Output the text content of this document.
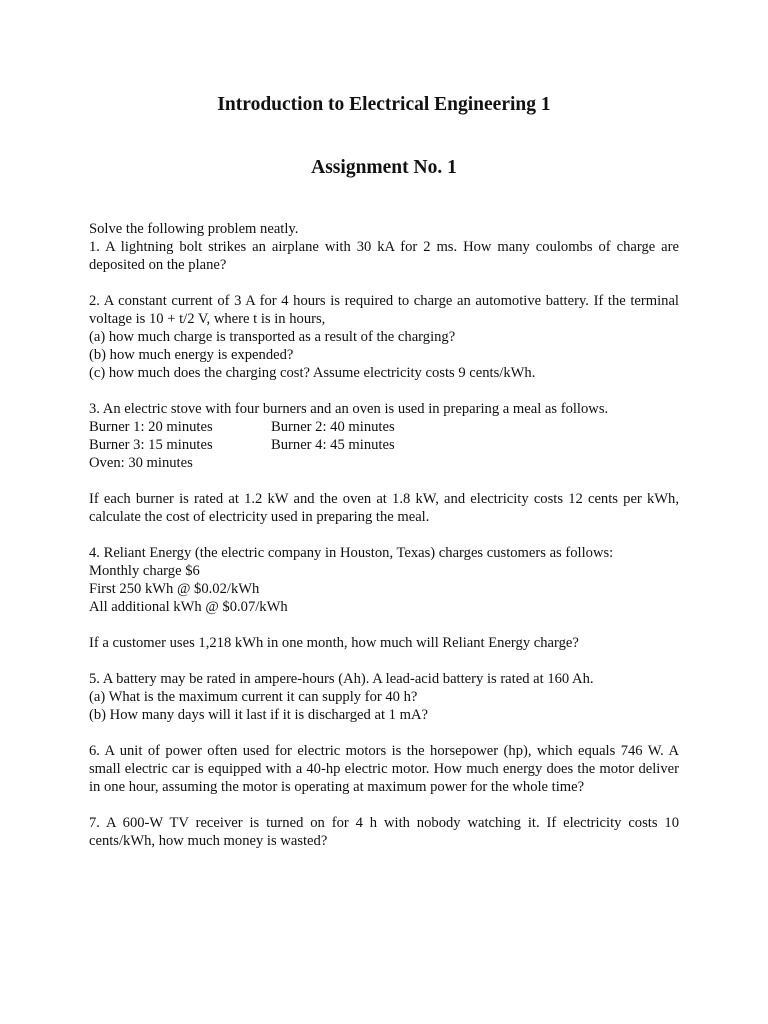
Introduction to Electrical Engineering 1
Assignment No. 1
Solve the following problem neatly.
1. A lightning bolt strikes an airplane with 30 kA for 2 ms. How many coulombs of charge are deposited on the plane?
2. A constant current of 3 A for 4 hours is required to charge an automotive battery. If the terminal voltage is 10 + t/2 V, where t is in hours,
(a) how much charge is transported as a result of the charging?
(b) how much energy is expended?
(c) how much does the charging cost? Assume electricity costs 9 cents/kWh.
3. An electric stove with four burners and an oven is used in preparing a meal as follows.
Burner 1: 20 minutes	Burner 2: 40 minutes
Burner 3: 15 minutes	Burner 4: 45 minutes
Oven: 30 minutes
If each burner is rated at 1.2 kW and the oven at 1.8 kW, and electricity costs 12 cents per kWh, calculate the cost of electricity used in preparing the meal.
4. Reliant Energy (the electric company in Houston, Texas) charges customers as follows:
Monthly charge $6
First 250 kWh @ $0.02/kWh
All additional kWh @ $0.07/kWh
If a customer uses 1,218 kWh in one month, how much will Reliant Energy charge?
5. A battery may be rated in ampere-hours (Ah). A lead-acid battery is rated at 160 Ah.
(a) What is the maximum current it can supply for 40 h?
(b) How many days will it last if it is discharged at 1 mA?
6. A unit of power often used for electric motors is the horsepower (hp), which equals 746 W. A small electric car is equipped with a 40-hp electric motor. How much energy does the motor deliver in one hour, assuming the motor is operating at maximum power for the whole time?
7. A 600-W TV receiver is turned on for 4 h with nobody watching it. If electricity costs 10 cents/kWh, how much money is wasted?
